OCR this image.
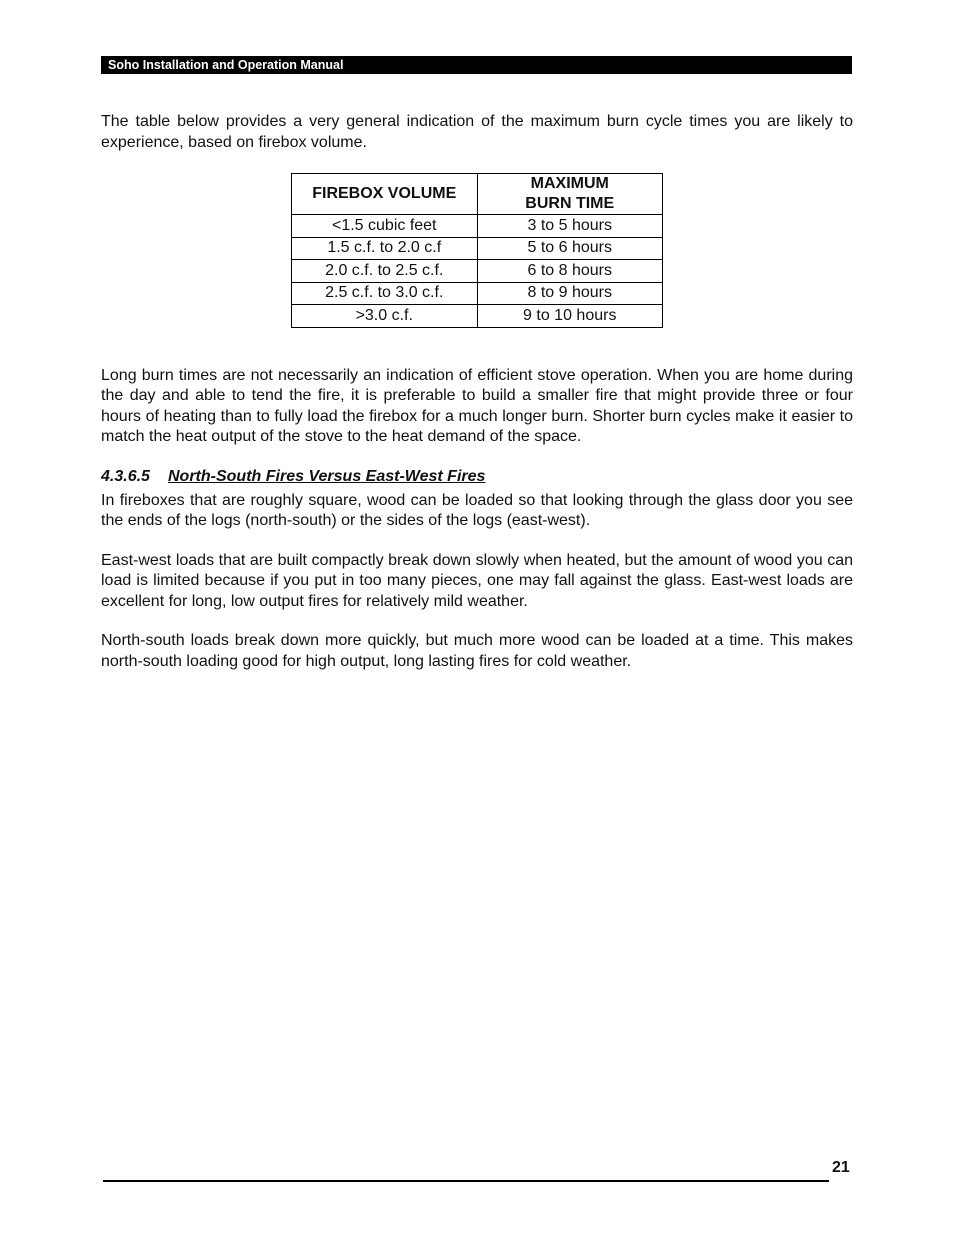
Soho Installation and Operation Manual

The table below provides a very general indication of the maximum burn cycle times you are likely to experience, based on firebox volume.

FIREBOX VOLUME	MAXIMUM
BURN TIME
<1.5 cubic feet	3 to 5 hours
1.5 c.f. to 2.0 c.f	5 to 6 hours
2.0 c.f. to 2.5 c.f.	6 to 8 hours
2.5 c.f. to 3.0 c.f.	8 to 9 hours
>3.0 c.f.	9 to 10 hours

Long burn times are not necessarily an indication of efficient stove operation. When you are home during the day and able to tend the fire, it is preferable to build a smaller fire that might provide three or four hours of heating than to fully load the firebox for a much longer burn. Shorter burn cycles make it easier to match the heat output of the stove to the heat demand of the space.

4.3.6.5 North-South Fires Versus East-West Fires

In fireboxes that are roughly square, wood can be loaded so that looking through the glass door you see the ends of the logs (north-south) or the sides of the logs (east-west).

East-west loads that are built compactly break down slowly when heated, but the amount of wood you can load is limited because if you put in too many pieces, one may fall against the glass. East-west loads are excellent for long, low output fires for relatively mild weather.

North-south loads break down more quickly, but much more wood can be loaded at a time. This makes north-south loading good for high output, long lasting fires for cold weather.

21
